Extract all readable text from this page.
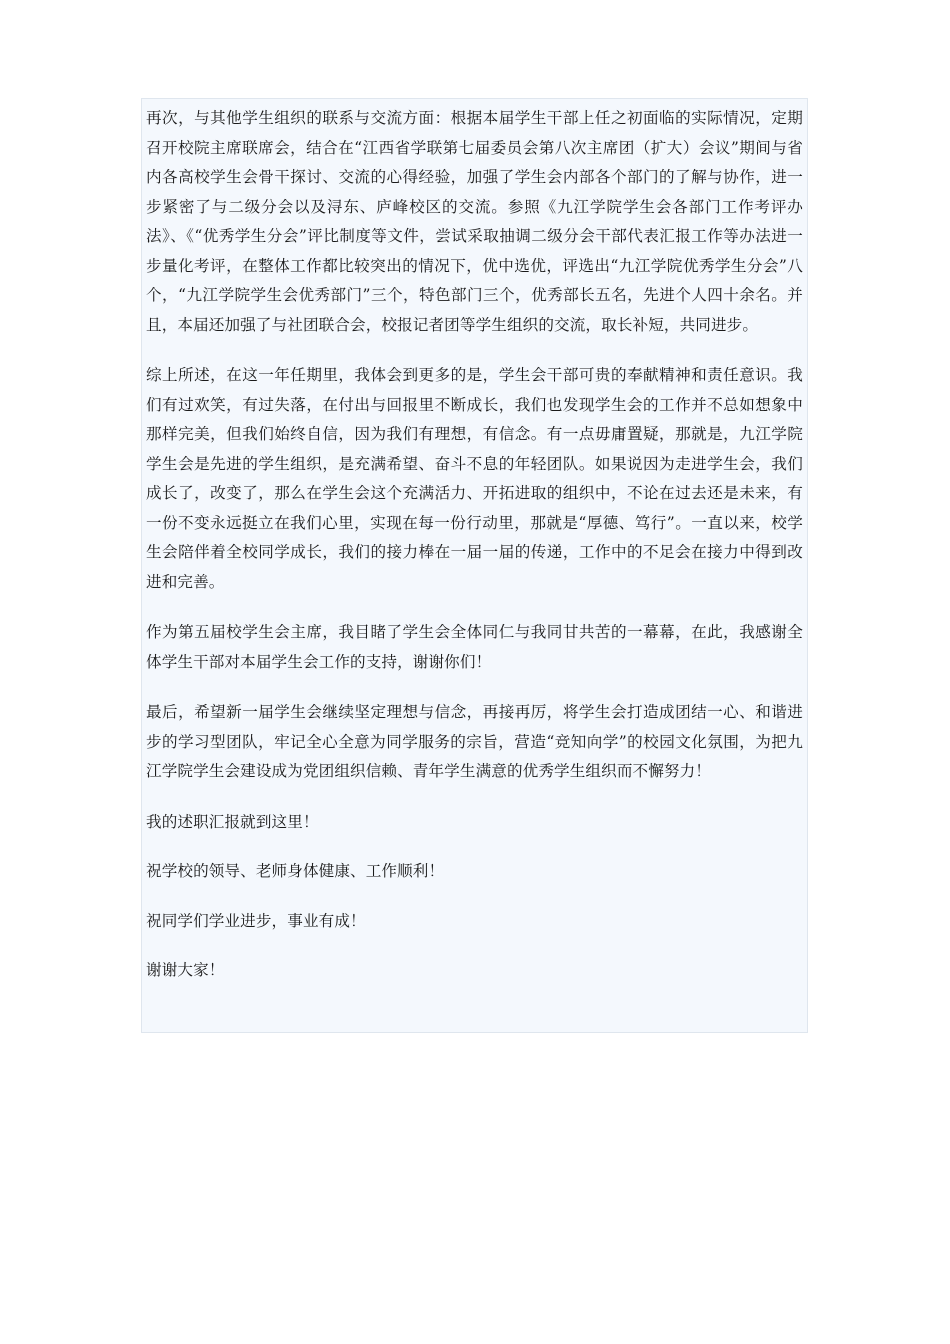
再次，与其他学生组织的联系与交流方面：根据本届学生干部上任之初面临的实际情况，定期召开校院主席联席会，结合在“江西省学联第七届委员会第八次主席团（扩大）会议”期间与省内各高校学生会骨干探讨、交流的心得经验，加强了学生会内部各个部门的了解与协作，进一步紧密了与二级分会以及浔东、庐峰校区的交流。参照《九江学院学生会各部门工作考评办法》、《“优秀学生分会”评比制度等文件，尝试采取抽调二级分会干部代表汇报工作等办法进一步量化考评，在整体工作都比较突出的情况下，优中选优，评选出“九江学院优秀学生分会”八个，“九江学院学生会优秀部门”三个，特色部门三个，优秀部长五名，先进个人四十余名。并且，本届还加强了与社团联合会，校报记者团等学生组织的交流，取长补短，共同进步。

综上所述，在这一年任期里，我体会到更多的是，学生会干部可贵的奉献精神和责任意识。我们有过欢笑，有过失落，在付出与回报里不断成长，我们也发现学生会的工作并不总如想象中那样完美，但我们始终自信，因为我们有理想，有信念。有一点毋庸置疑，那就是，九江学院学生会是先进的学生组织，是充满希望、奋斗不息的年轻团队。如果说因为走进学生会，我们成长了，改变了，那么在学生会这个充满活力、开拓进取的组织中，不论在过去还是未来，有一份不变永远挺立在我们心里，实现在每一份行动里，那就是“厚德、笃行”。一直以来，校学生会陪伴着全校同学成长，我们的接力棒在一届一届的传递，工作中的不足会在接力中得到改进和完善。

作为第五届校学生会主席，我目睹了学生会全体同仁与我同甘共苦的一幕幕，在此，我感谢全体学生干部对本届学生会工作的支持，谢谢你们！

最后，希望新一届学生会继续坚定理想与信念，再接再厉，将学生会打造成团结一心、和谐进步的学习型团队，牢记全心全意为同学服务的宗旨，营造“竞知向学”的校园文化氛围，为把九江学院学生会建设成为党团组织信赖、青年学生满意的优秀学生组织而不懈努力！

我的述职汇报就到这里！

祝学校的领导、老师身体健康、工作顺利！

祝同学们学业进步，事业有成！

谢谢大家！
